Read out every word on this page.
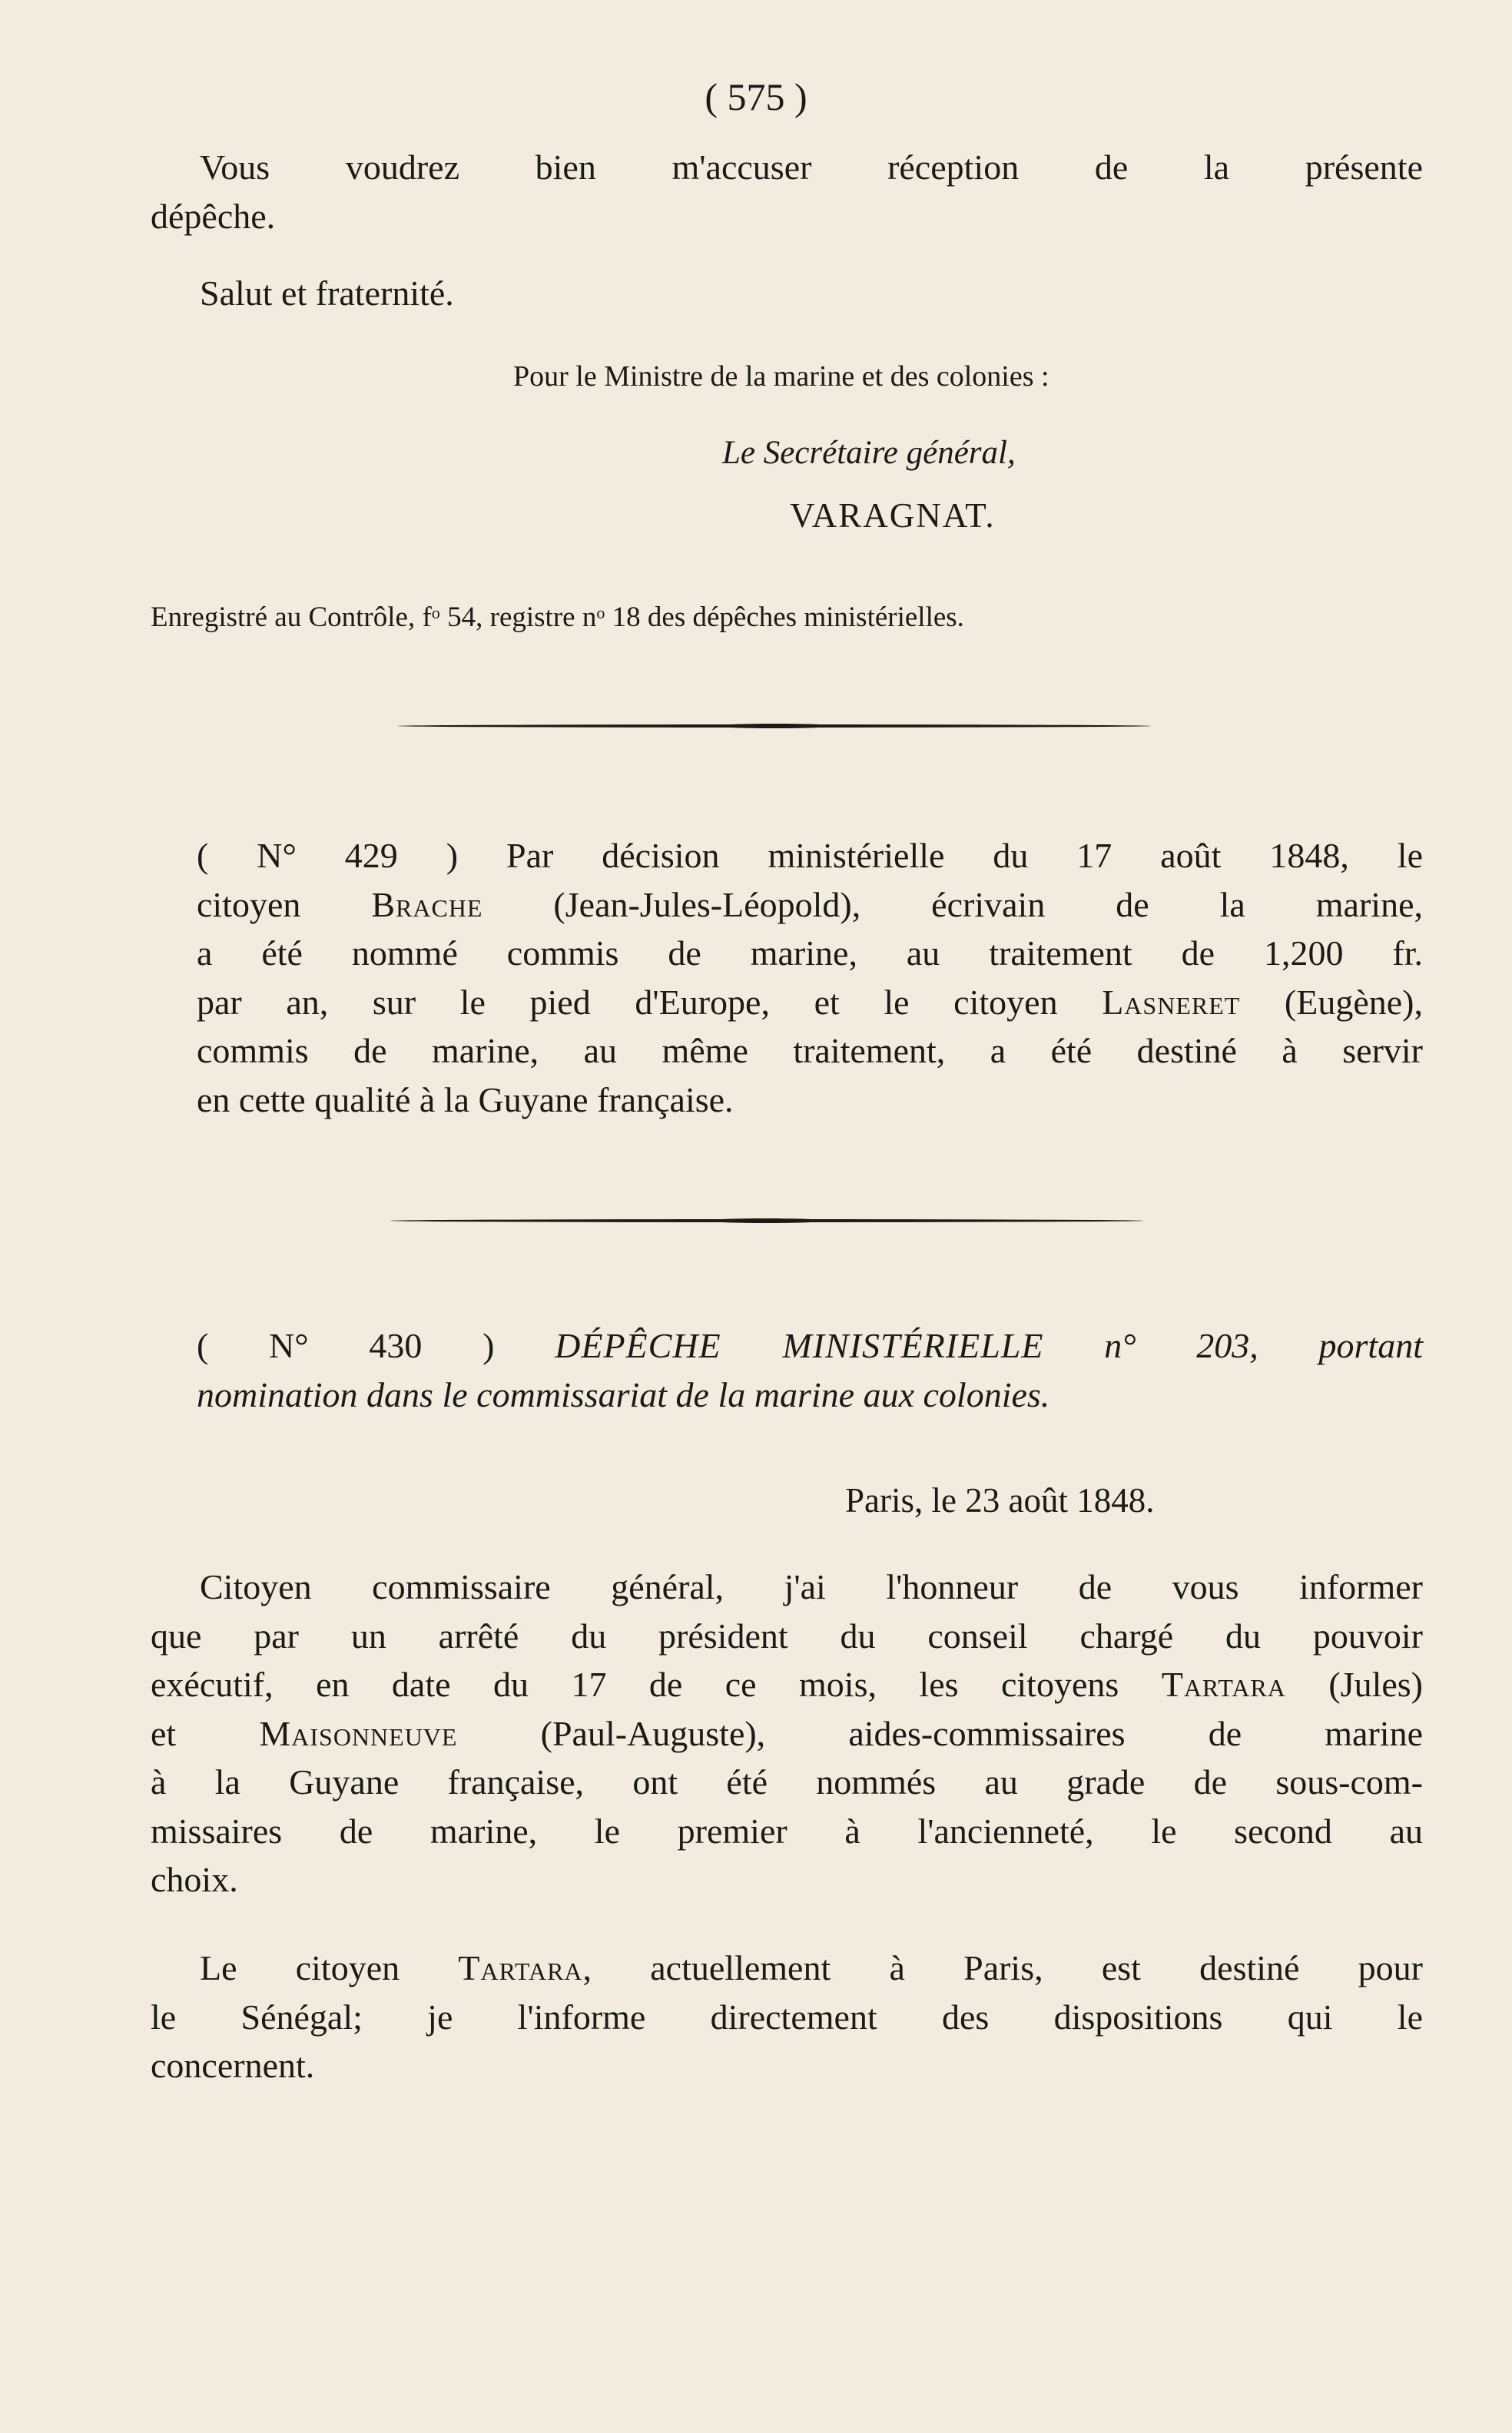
( 575 )
Vous voudrez bien m'accuser réception de la présente
dépêche.
Salut et fraternité.
Pour le Ministre de la marine et des colonies :
Le Secrétaire général,
VARAGNAT.
Enregistré au Contrôle, $f^o$ 54, registre $n^o$ 18 des dépêches ministérielles.
( N° 429 ) Par décision ministérielle du 17 août 1848, le
citoyen Brache (Jean-Jules-Léopold), écrivain de la marine,
a été nommé commis de marine, au traitement de 1,200 fr.
par an, sur le pied d'Europe, et le citoyen Lasneret (Eugène),
commis de marine, au même traitement, a été destiné à servir
en cette qualité à la Guyane française.
( N° 430 ) DÉPÊCHE MINISTÉRIELLE n° 203, portant
nomination dans le commissariat de la marine aux colonies.
Paris, le 23 août 1848.
Citoyen commissaire général, j'ai l'honneur de vous informer
que par un arrêté du président du conseil chargé du pouvoir
exécutif, en date du 17 de ce mois, les citoyens Tartara (Jules)
et Maisonneuve (Paul-Auguste), aides-commissaires de marine
à la Guyane française, ont été nommés au grade de sous-com-
missaires de marine, le premier à l'ancienneté, le second au
choix.
Le citoyen Tartara, actuellement à Paris, est destiné pour
le Sénégal; je l'informe directement des dispositions qui le
concernent.
